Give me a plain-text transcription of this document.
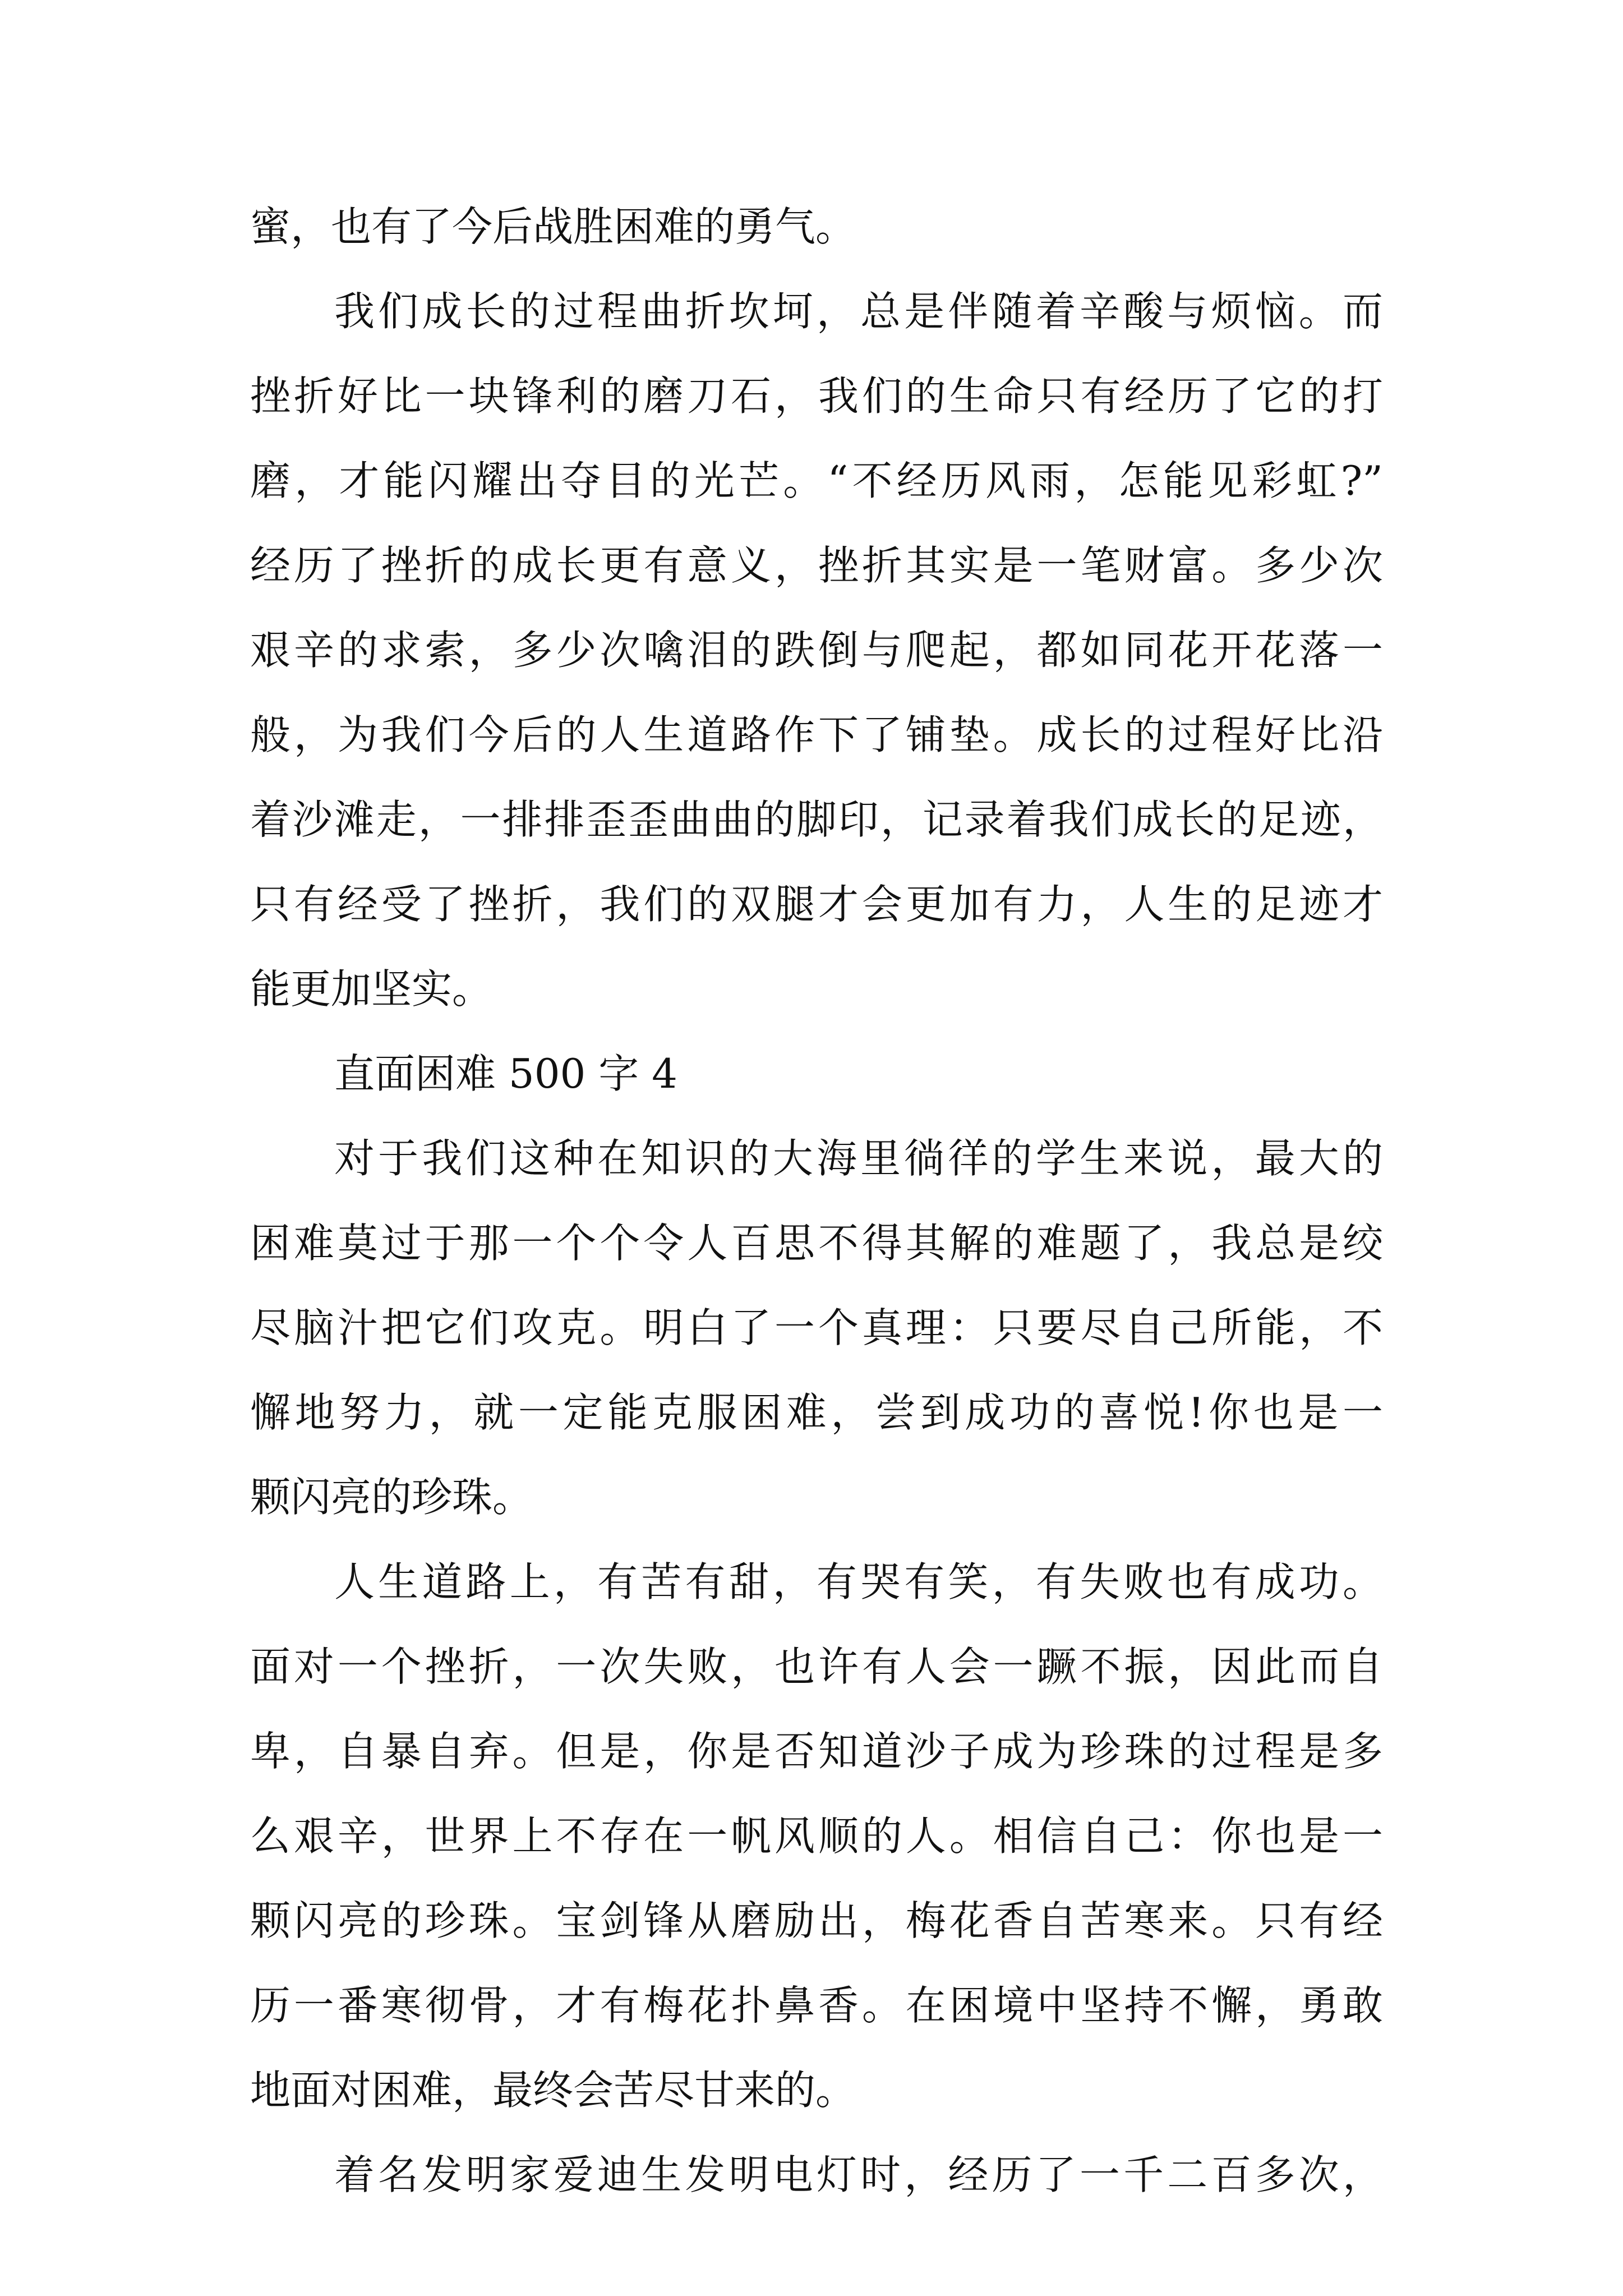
蜜，也有了今后战胜困难的勇气。

我们成长的过程曲折坎坷，总是伴随着辛酸与烦恼。而

挫折好比一块锋利的磨刀石，我们的生命只有经历了它的打

磨，才能闪耀出夺目的光芒。“不经历风雨，怎能见彩虹?”

经历了挫折的成长更有意义，挫折其实是一笔财富。多少次

艰辛的求索，多少次噙泪的跌倒与爬起，都如同花开花落一

般，为我们今后的人生道路作下了铺垫。成长的过程好比沿

着沙滩走，一排排歪歪曲曲的脚印，记录着我们成长的足迹，

只有经受了挫折，我们的双腿才会更加有力，人生的足迹才

能更加坚实。

直面困难 500 字 4

对于我们这种在知识的大海里徜徉的学生来说，最大的

困难莫过于那一个个令人百思不得其解的难题了，我总是绞

尽脑汁把它们攻克。明白了一个真理：只要尽自己所能，不

懈地努力，就一定能克服困难，尝到成功的喜悦!你也是一

颗闪亮的珍珠。

人生道路上，有苦有甜，有哭有笑，有失败也有成功。

面对一个挫折，一次失败，也许有人会一蹶不振，因此而自

卑，自暴自弃。但是，你是否知道沙子成为珍珠的过程是多

么艰辛，世界上不存在一帆风顺的人。相信自己：你也是一

颗闪亮的珍珠。宝剑锋从磨励出，梅花香自苦寒来。只有经

历一番寒彻骨，才有梅花扑鼻香。在困境中坚持不懈，勇敢

地面对困难，最终会苦尽甘来的。

着名发明家爱迪生发明电灯时，经历了一千二百多次，
